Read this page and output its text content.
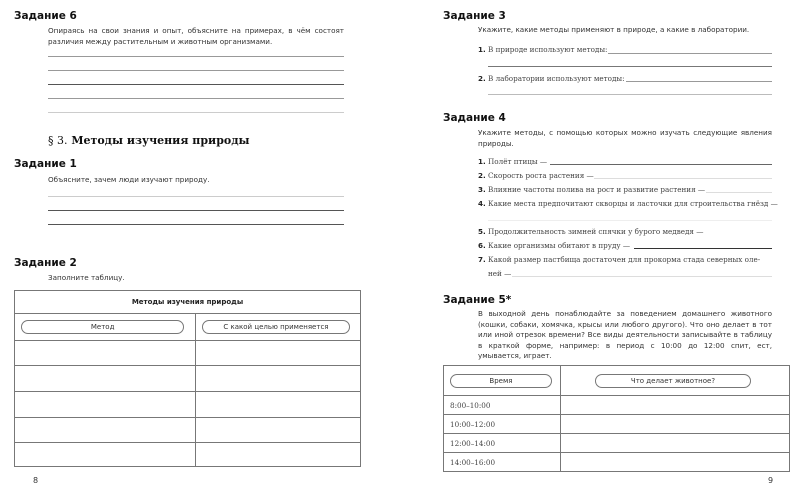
Задание 6
Опираясь на свои знания и опыт, объясните на примерах, в чём состоят различия между растительным и животным организмами.
§ 3. Методы изучения природы
Задание 1
Объясните, зачем люди изучают природу.
Задание 2
Заполните таблицу.
Методы изучения природы	
Метод	С какой целью применяется

8
Задание 3
Укажите, какие методы применяют в природе, а какие в лаборатории.
1. В природе используют методы:
2. В лаборатории используют методы:
Задание 4
Укажите методы, с помощью которых можно изучать следующие явления природы.
1. Полёт птицы —
2. Скорость роста растения —
3. Влияние частоты полива на рост и развитие растения —
4. Какие места предпочитают скворцы и ласточки для строительства гнёзд —
5. Продолжительность зимней спячки у бурого медведя —
6. Какие организмы обитают в пруду —
7. Какой размер пастбища достаточен для прокорма стада северных оле-
ней —
Задание 5*
В выходной день понаблюдайте за поведением домашнего животного (кошки, собаки, хомячка, крысы или любого другого). Что оно делает в тот или иной отрезок времени? Все виды деятельности записывайте в таблицу в краткой форме, например: в период с 10:00 до 12:00 спит, ест, умывается, играет.
Время	Что делает животное?
8:00–10:00	
10:00–12:00	
12:00–14:00	
14:00–16:00	
9
